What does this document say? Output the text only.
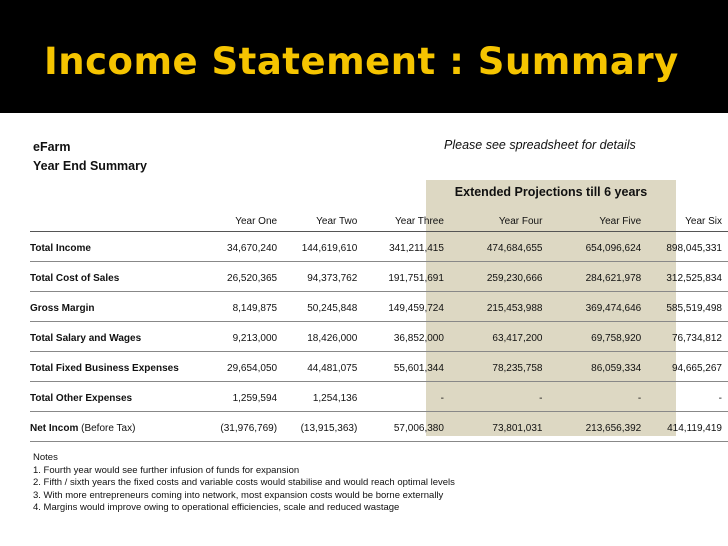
Income Statement : Summary
eFarm
Year End Summary
Please see spreadsheet for details
Extended Projections till 6 years
	Year One	Year Two	Year Three	Year Four	Year Five	Year Six

Total Income	34,670,240	144,619,610	341,211,415	474,684,655	654,096,624	898,045,331

Total Cost of Sales	26,520,365	94,373,762	191,751,691	259,230,666	284,621,978	312,525,834

Gross Margin	8,149,875	50,245,848	149,459,724	215,453,988	369,474,646	585,519,498

Total Salary and Wages	9,213,000	18,426,000	36,852,000	63,417,200	69,758,920	76,734,812

Total Fixed Business Expenses	29,654,050	44,481,075	55,601,344	78,235,758	86,059,334	94,665,267

Total Other Expenses	1,259,594	1,254,136	-	-	-	-

Net Incom (Before Tax)	(31,976,769)	(13,915,363)	57,006,380	73,801,031	213,656,392	414,119,419
Notes
1. Fourth year would see further infusion of funds for expansion
2. Fifth / sixth years the fixed costs and variable costs would stabilise and would reach optimal levels
3. With more entrepreneurs coming into network, most expansion costs would be borne externally
4. Margins would improve owing to operational efficiencies, scale and reduced wastage
